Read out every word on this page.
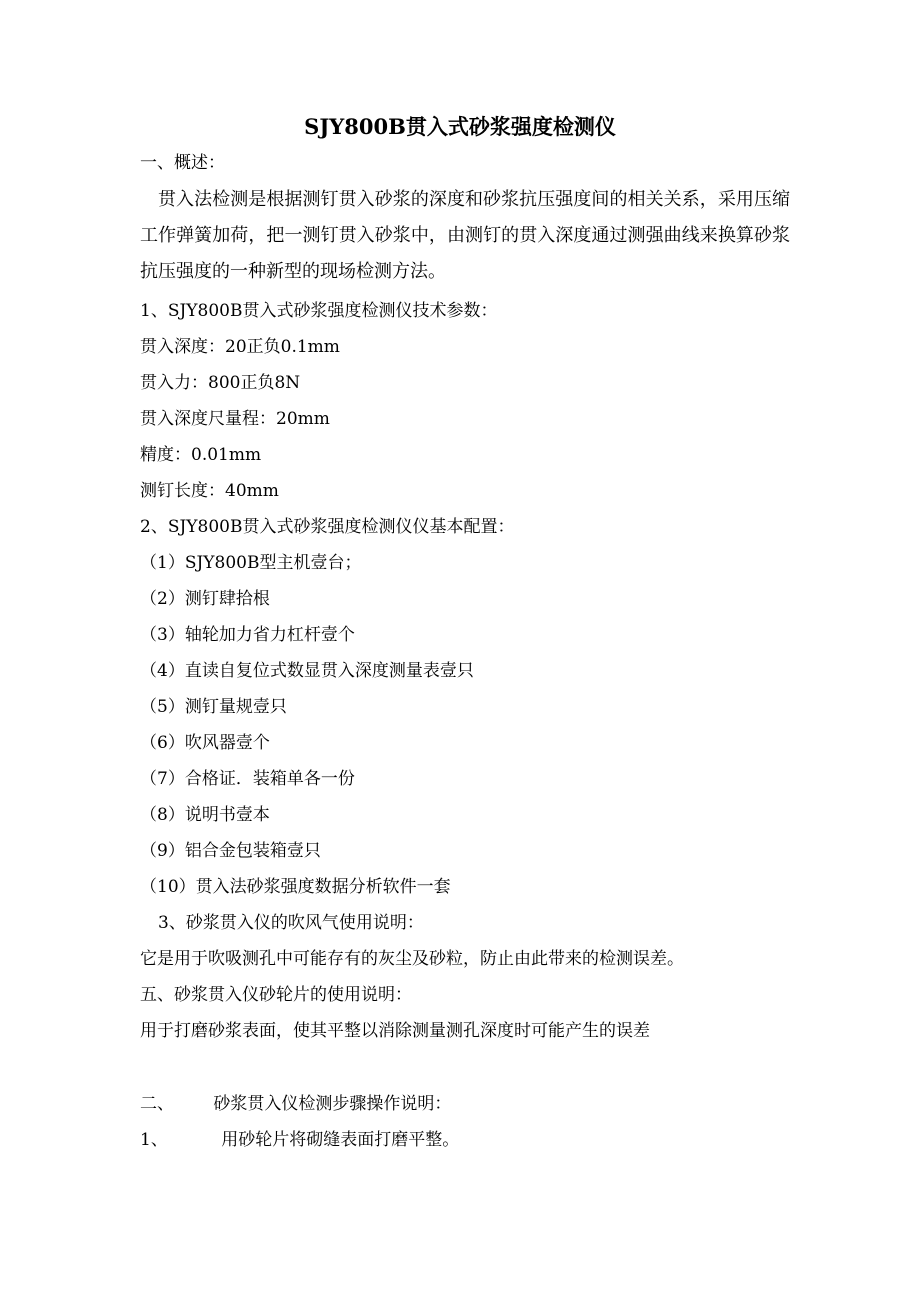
SJY800B贯入式砂浆强度检测仪
一、概述：
贯入法检测是根据测钉贯入砂浆的深度和砂浆抗压强度间的相关关系，采用压缩工作弹簧加荷，把一测钉贯入砂浆中，由测钉的贯入深度通过测强曲线来换算砂浆抗压强度的一种新型的现场检测方法。
1、SJY800B贯入式砂浆强度检测仪技术参数：
贯入深度：20正负0.1mm
贯入力：800正负8N
贯入深度尺量程：20mm
精度：0.01mm
测钉长度：40mm
2、SJY800B贯入式砂浆强度检测仪仪基本配置：
（1）SJY800B型主机壹台；
（2）测钉肆拾根
（3）轴轮加力省力杠杆壹个
（4）直读自复位式数显贯入深度测量表壹只
（5）测钉量规壹只
（6）吹风器壹个
（7）合格证．装箱单各一份
（8）说明书壹本
（9）铝合金包装箱壹只
（10）贯入法砂浆强度数据分析软件一套
3、砂浆贯入仪的吹风气使用说明：
它是用于吹吸测孔中可能存有的灰尘及砂粒，防止由此带来的检测误差。
五、砂浆贯入仪砂轮片的使用说明：
用于打磨砂浆表面，使其平整以消除测量测孔深度时可能产生的误差
二、 砂浆贯入仪检测步骤操作说明：
1、	用砂轮片将砌缝表面打磨平整。
